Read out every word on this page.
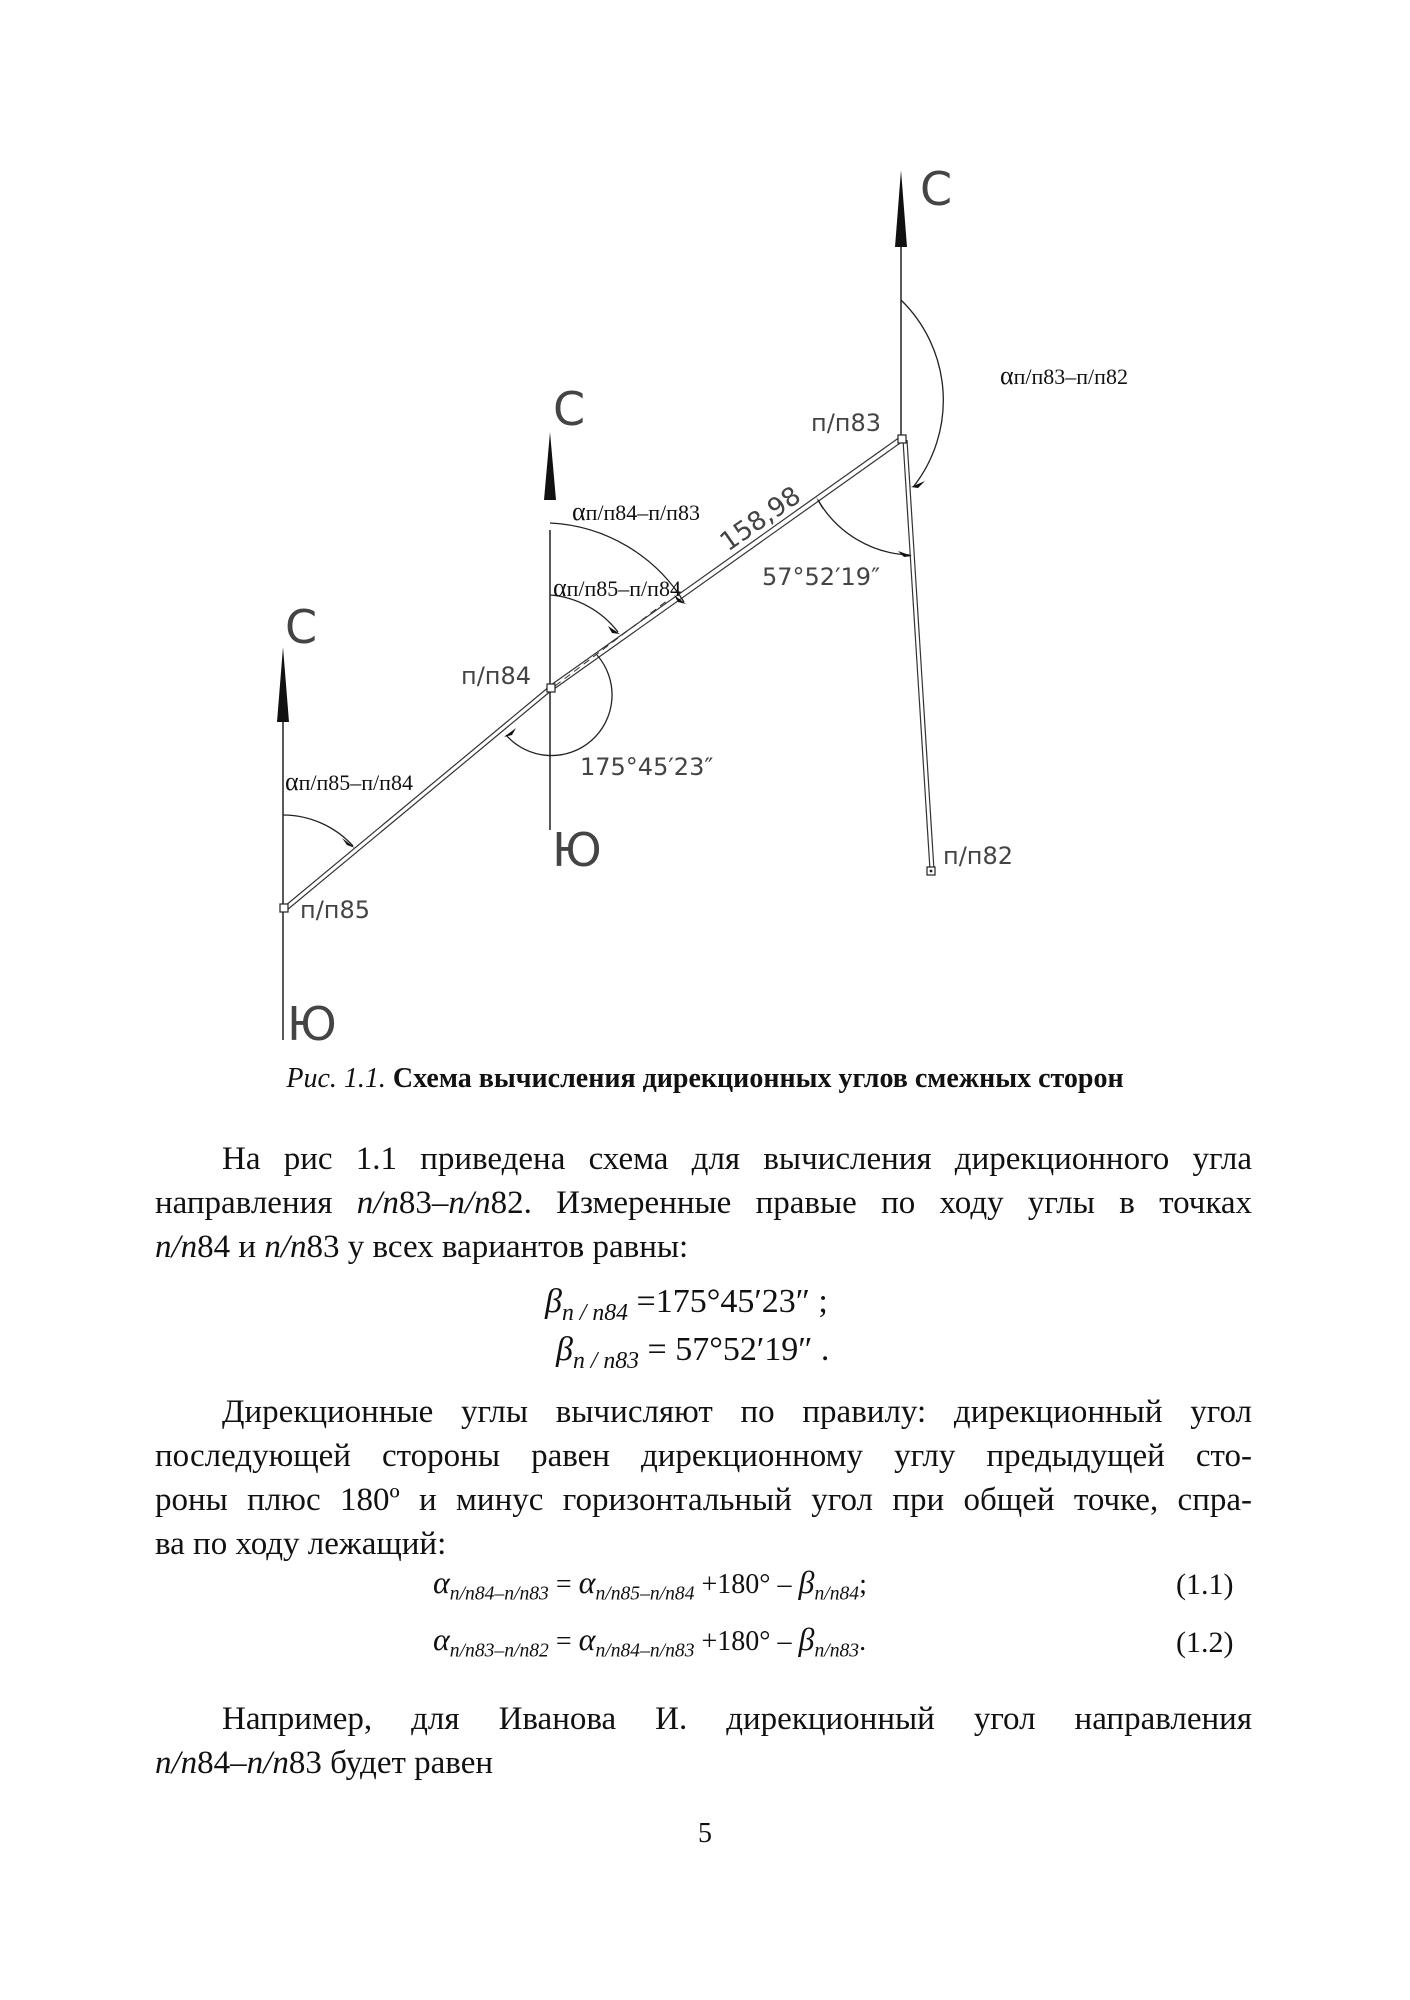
С
С
С
Ю
Ю
п/п85
п/п84
п/п83
п/п82
αп/п85–п/п84
αп/п84–п/п83
αп/п85–п/п84
αп/п83–п/п82
158,98
175°45′23″
57°52′19″
Рис. 1.1. Схема вычисления дирекционных углов смежных сторон
На рис 1.1 приведена схема для вычисления дирекционного угла
направления n/n83–n/n82. Измеренные правые по ходу углы в точках
n/n84 и n/n83 у всех вариантов равны:
$\beta_{n / n84} =175^\circ 45'23''$ ;
$\beta_{n / n83} = 57^\circ 52'19''$ .
Дирекционные углы вычисляют по правилу: дирекционный угол
последующей стороны равен дирекционному углу предыдущей сто-
роны плюс 180º и минус горизонтальный угол при общей точке, спра-
ва по ходу лежащий:
$\alpha_{n/n84-n/n83} = \alpha_{n/n85-n/n84} +180^\circ - \beta_{n/n84}$;	(1.1)
$\alpha_{n/n83-n/n82} = \alpha_{n/n84-n/n83} +180^\circ - \beta_{n/n83}$.	(1.2)
Например, для Иванова И. дирекционный угол направления
n/n84–n/n83 будет равен
5
